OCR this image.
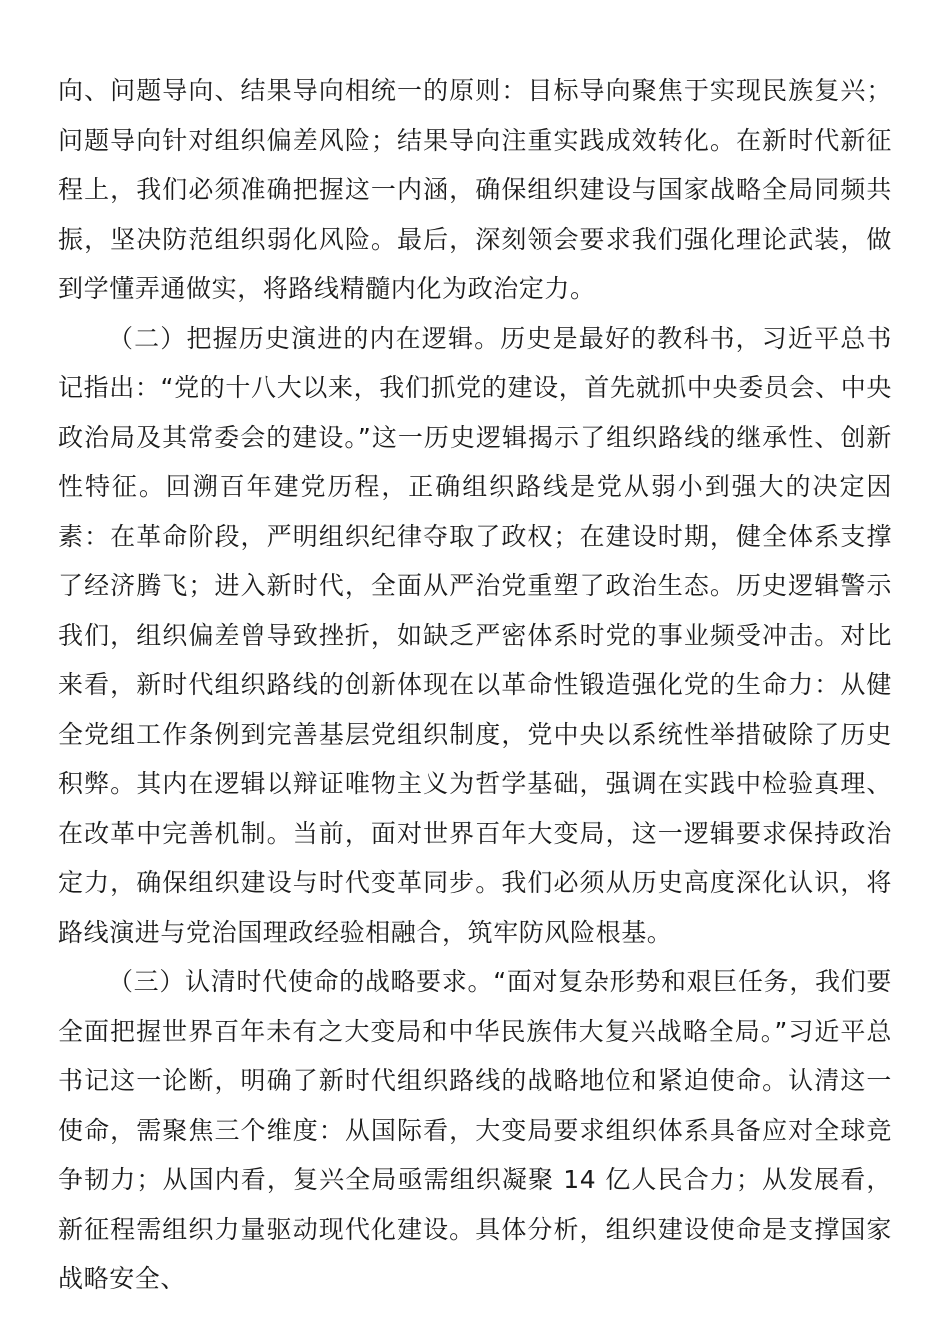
向、问题导向、结果导向相统一的原则：目标导向聚焦于实现民族复兴；问题导向针对组织偏差风险；结果导向注重实践成效转化。在新时代新征程上，我们必须准确把握这一内涵，确保组织建设与国家战略全局同频共振，坚决防范组织弱化风险。最后，深刻领会要求我们强化理论武装，做到学懂弄通做实，将路线精髓内化为政治定力。

（二）把握历史演进的内在逻辑。历史是最好的教科书，习近平总书记指出：“党的十八大以来，我们抓党的建设，首先就抓中央委员会、中央政治局及其常委会的建设。”这一历史逻辑揭示了组织路线的继承性、创新性特征。回溯百年建党历程，正确组织路线是党从弱小到强大的决定因素：在革命阶段，严明组织纪律夺取了政权；在建设时期，健全体系支撑了经济腾飞；进入新时代，全面从严治党重塑了政治生态。历史逻辑警示我们，组织偏差曾导致挫折，如缺乏严密体系时党的事业频受冲击。对比来看，新时代组织路线的创新体现在以革命性锻造强化党的生命力：从健全党组工作条例到完善基层党组织制度，党中央以系统性举措破除了历史积弊。其内在逻辑以辩证唯物主义为哲学基础，强调在实践中检验真理、在改革中完善机制。当前，面对世界百年大变局，这一逻辑要求保持政治定力，确保组织建设与时代变革同步。我们必须从历史高度深化认识，将路线演进与党治国理政经验相融合，筑牢防风险根基。

（三）认清时代使命的战略要求。“面对复杂形势和艰巨任务，我们要全面把握世界百年未有之大变局和中华民族伟大复兴战略全局。”习近平总书记这一论断，明确了新时代组织路线的战略地位和紧迫使命。认清这一使命，需聚焦三个维度：从国际看，大变局要求组织体系具备应对全球竞争韧力；从国内看，复兴全局亟需组织凝聚 14 亿人民合力；从发展看，新征程需组织力量驱动现代化建设。具体分析，组织建设使命是支撑国家战略安全、
